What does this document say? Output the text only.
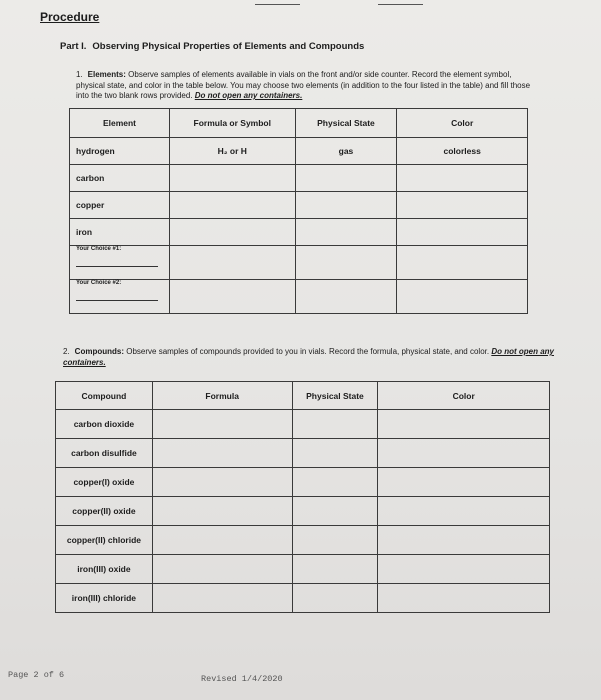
Procedure
Part I. Observing Physical Properties of Elements and Compounds
1. Elements: Observe samples of elements available in vials on the front and/or side counter. Record the element symbol, physical state, and color in the table below. You may choose two elements (in addition to the four listed in the table) and fill those into the two blank rows provided. Do not open any containers.
Element	Formula or Symbol	Physical State	Color
hydrogen	H₂ or H	gas	colorless
carbon			
copper			
iron			
Your Choice #1:

Your Choice #2:

2. Compounds: Observe samples of compounds provided to you in vials. Record the formula, physical state, and color. Do not open any containers.
Compound	Formula	Physical State	Color
carbon dioxide			
carbon disulfide			
copper(I) oxide			
copper(II) oxide			
copper(II) chloride			
iron(III) oxide			
iron(III) chloride			
Page 2 of 6	Revised 1/4/2020
